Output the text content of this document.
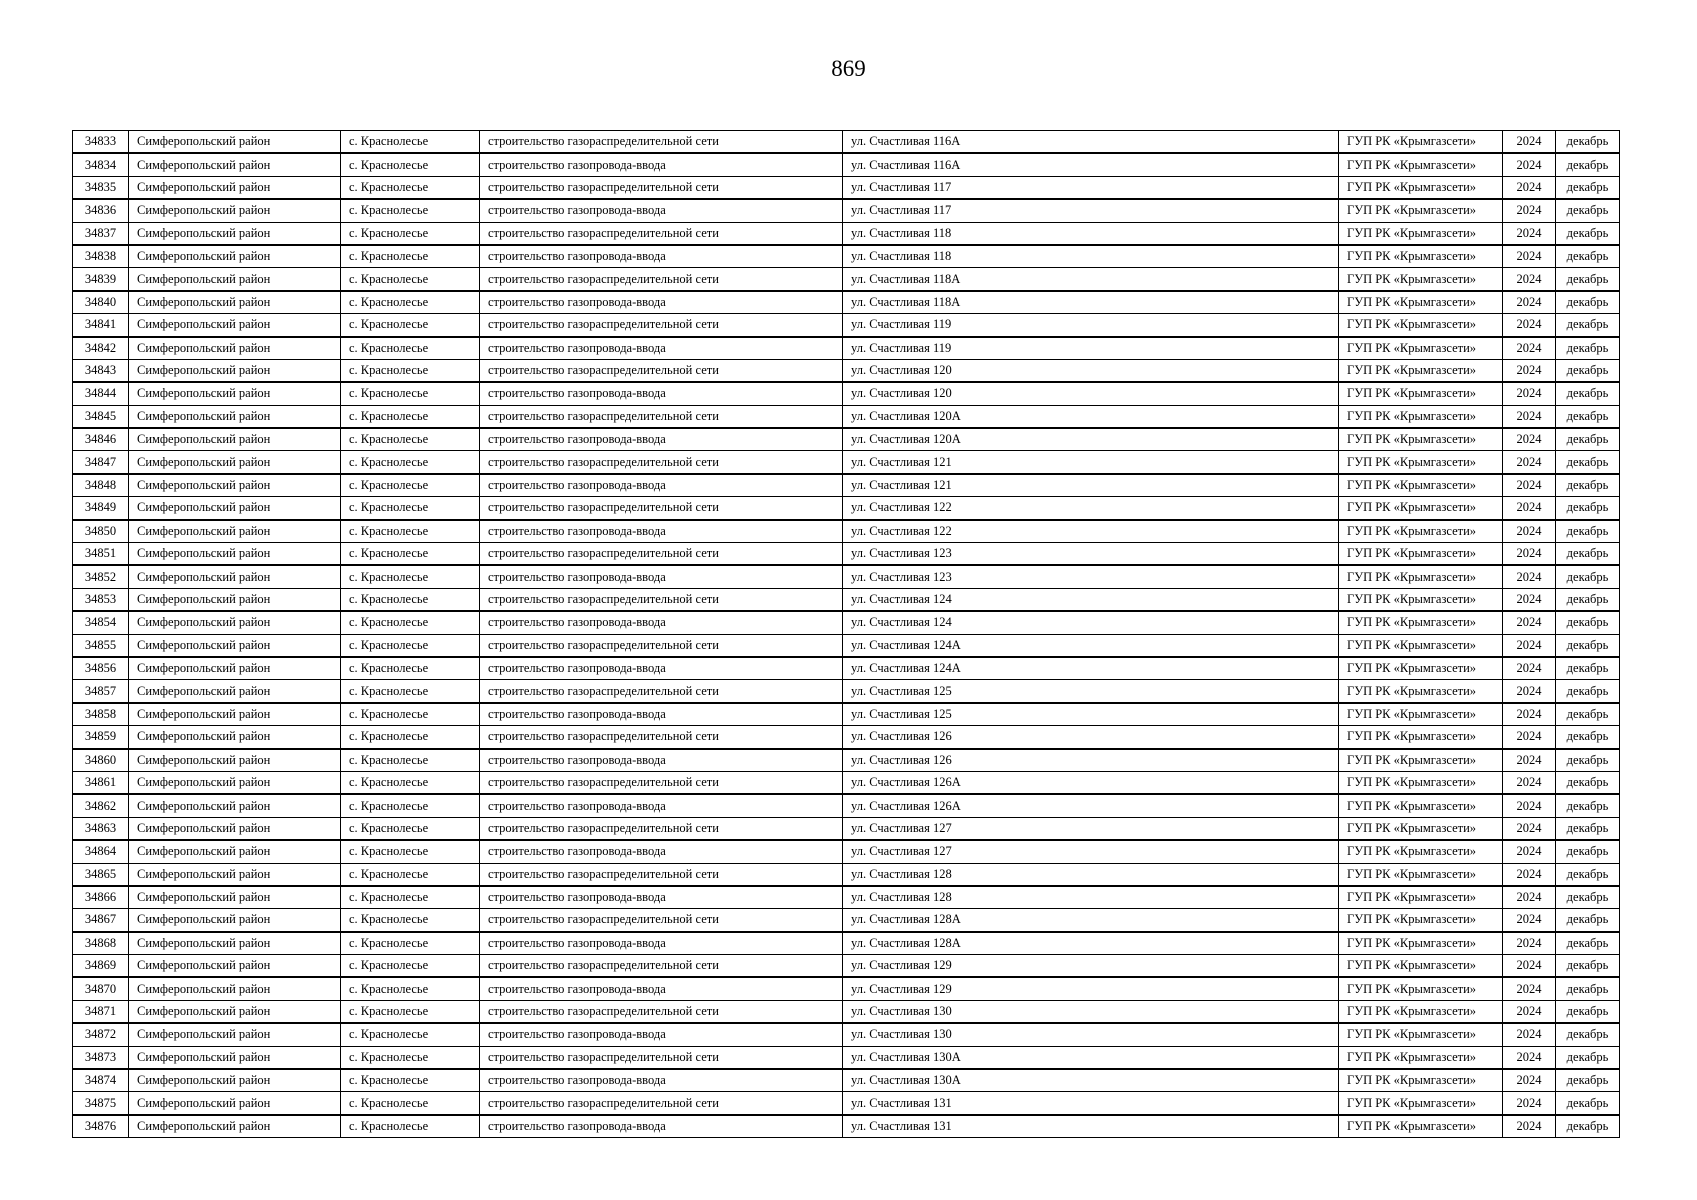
869
34833	Симферопольский район	с. Краснолесье	строительство газораспределительной сети	ул. Счастливая 116А	ГУП РК «Крымгазсети»	2024	декабрь
34834	Симферопольский район	с. Краснолесье	строительство газопровода-ввода	ул. Счастливая 116А	ГУП РК «Крымгазсети»	2024	декабрь
34835	Симферопольский район	с. Краснолесье	строительство газораспределительной сети	ул. Счастливая 117	ГУП РК «Крымгазсети»	2024	декабрь
34836	Симферопольский район	с. Краснолесье	строительство газопровода-ввода	ул. Счастливая 117	ГУП РК «Крымгазсети»	2024	декабрь
34837	Симферопольский район	с. Краснолесье	строительство газораспределительной сети	ул. Счастливая 118	ГУП РК «Крымгазсети»	2024	декабрь
34838	Симферопольский район	с. Краснолесье	строительство газопровода-ввода	ул. Счастливая 118	ГУП РК «Крымгазсети»	2024	декабрь
34839	Симферопольский район	с. Краснолесье	строительство газораспределительной сети	ул. Счастливая 118А	ГУП РК «Крымгазсети»	2024	декабрь
34840	Симферопольский район	с. Краснолесье	строительство газопровода-ввода	ул. Счастливая 118А	ГУП РК «Крымгазсети»	2024	декабрь
34841	Симферопольский район	с. Краснолесье	строительство газораспределительной сети	ул. Счастливая 119	ГУП РК «Крымгазсети»	2024	декабрь
34842	Симферопольский район	с. Краснолесье	строительство газопровода-ввода	ул. Счастливая 119	ГУП РК «Крымгазсети»	2024	декабрь
34843	Симферопольский район	с. Краснолесье	строительство газораспределительной сети	ул. Счастливая 120	ГУП РК «Крымгазсети»	2024	декабрь
34844	Симферопольский район	с. Краснолесье	строительство газопровода-ввода	ул. Счастливая 120	ГУП РК «Крымгазсети»	2024	декабрь
34845	Симферопольский район	с. Краснолесье	строительство газораспределительной сети	ул. Счастливая 120А	ГУП РК «Крымгазсети»	2024	декабрь
34846	Симферопольский район	с. Краснолесье	строительство газопровода-ввода	ул. Счастливая 120А	ГУП РК «Крымгазсети»	2024	декабрь
34847	Симферопольский район	с. Краснолесье	строительство газораспределительной сети	ул. Счастливая 121	ГУП РК «Крымгазсети»	2024	декабрь
34848	Симферопольский район	с. Краснолесье	строительство газопровода-ввода	ул. Счастливая 121	ГУП РК «Крымгазсети»	2024	декабрь
34849	Симферопольский район	с. Краснолесье	строительство газораспределительной сети	ул. Счастливая 122	ГУП РК «Крымгазсети»	2024	декабрь
34850	Симферопольский район	с. Краснолесье	строительство газопровода-ввода	ул. Счастливая 122	ГУП РК «Крымгазсети»	2024	декабрь
34851	Симферопольский район	с. Краснолесье	строительство газораспределительной сети	ул. Счастливая 123	ГУП РК «Крымгазсети»	2024	декабрь
34852	Симферопольский район	с. Краснолесье	строительство газопровода-ввода	ул. Счастливая 123	ГУП РК «Крымгазсети»	2024	декабрь
34853	Симферопольский район	с. Краснолесье	строительство газораспределительной сети	ул. Счастливая 124	ГУП РК «Крымгазсети»	2024	декабрь
34854	Симферопольский район	с. Краснолесье	строительство газопровода-ввода	ул. Счастливая 124	ГУП РК «Крымгазсети»	2024	декабрь
34855	Симферопольский район	с. Краснолесье	строительство газораспределительной сети	ул. Счастливая 124А	ГУП РК «Крымгазсети»	2024	декабрь
34856	Симферопольский район	с. Краснолесье	строительство газопровода-ввода	ул. Счастливая 124А	ГУП РК «Крымгазсети»	2024	декабрь
34857	Симферопольский район	с. Краснолесье	строительство газораспределительной сети	ул. Счастливая 125	ГУП РК «Крымгазсети»	2024	декабрь
34858	Симферопольский район	с. Краснолесье	строительство газопровода-ввода	ул. Счастливая 125	ГУП РК «Крымгазсети»	2024	декабрь
34859	Симферопольский район	с. Краснолесье	строительство газораспределительной сети	ул. Счастливая 126	ГУП РК «Крымгазсети»	2024	декабрь
34860	Симферопольский район	с. Краснолесье	строительство газопровода-ввода	ул. Счастливая 126	ГУП РК «Крымгазсети»	2024	декабрь
34861	Симферопольский район	с. Краснолесье	строительство газораспределительной сети	ул. Счастливая 126А	ГУП РК «Крымгазсети»	2024	декабрь
34862	Симферопольский район	с. Краснолесье	строительство газопровода-ввода	ул. Счастливая 126А	ГУП РК «Крымгазсети»	2024	декабрь
34863	Симферопольский район	с. Краснолесье	строительство газораспределительной сети	ул. Счастливая 127	ГУП РК «Крымгазсети»	2024	декабрь
34864	Симферопольский район	с. Краснолесье	строительство газопровода-ввода	ул. Счастливая 127	ГУП РК «Крымгазсети»	2024	декабрь
34865	Симферопольский район	с. Краснолесье	строительство газораспределительной сети	ул. Счастливая 128	ГУП РК «Крымгазсети»	2024	декабрь
34866	Симферопольский район	с. Краснолесье	строительство газопровода-ввода	ул. Счастливая 128	ГУП РК «Крымгазсети»	2024	декабрь
34867	Симферопольский район	с. Краснолесье	строительство газораспределительной сети	ул. Счастливая 128А	ГУП РК «Крымгазсети»	2024	декабрь
34868	Симферопольский район	с. Краснолесье	строительство газопровода-ввода	ул. Счастливая 128А	ГУП РК «Крымгазсети»	2024	декабрь
34869	Симферопольский район	с. Краснолесье	строительство газораспределительной сети	ул. Счастливая 129	ГУП РК «Крымгазсети»	2024	декабрь
34870	Симферопольский район	с. Краснолесье	строительство газопровода-ввода	ул. Счастливая 129	ГУП РК «Крымгазсети»	2024	декабрь
34871	Симферопольский район	с. Краснолесье	строительство газораспределительной сети	ул. Счастливая 130	ГУП РК «Крымгазсети»	2024	декабрь
34872	Симферопольский район	с. Краснолесье	строительство газопровода-ввода	ул. Счастливая 130	ГУП РК «Крымгазсети»	2024	декабрь
34873	Симферопольский район	с. Краснолесье	строительство газораспределительной сети	ул. Счастливая 130А	ГУП РК «Крымгазсети»	2024	декабрь
34874	Симферопольский район	с. Краснолесье	строительство газопровода-ввода	ул. Счастливая 130А	ГУП РК «Крымгазсети»	2024	декабрь
34875	Симферопольский район	с. Краснолесье	строительство газораспределительной сети	ул. Счастливая 131	ГУП РК «Крымгазсети»	2024	декабрь
34876	Симферопольский район	с. Краснолесье	строительство газопровода-ввода	ул. Счастливая 131	ГУП РК «Крымгазсети»	2024	декабрь
